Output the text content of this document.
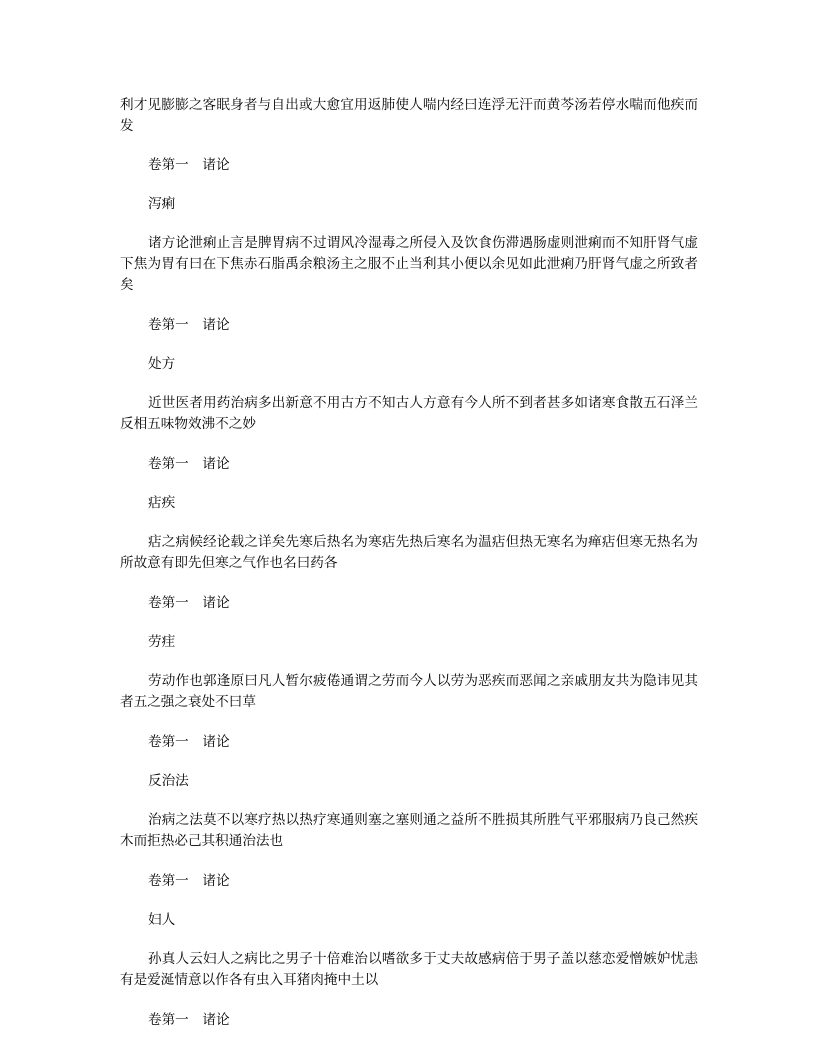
利才见膨膨之客眠身者与自出或大愈宜用返肺使人喘内经曰连浮无汗而黄芩汤若停水喘而他疾而发

卷第一　诸论

泻痢

诸方论泄痢止言是脾胃病不过谓风冷湿毒之所侵入及饮食伤滞遇肠虚则泄痢而不知肝肾气虚下焦为胃有曰在下焦赤石脂禹余粮汤主之服不止当利其小便以余见如此泄痢乃肝肾气虚之所致者矣

卷第一　诸论

处方

近世医者用药治病多出新意不用古方不知古人方意有今人所不到者甚多如诸寒食散五石泽兰反相五味物效沸不之妙

卷第一　诸论

痁疾

痁之病候经论载之详矣先寒后热名为寒痁先热后寒名为温痁但热无寒名为瘅痁但寒无热名为所故意有即先但寒之气作也名曰药各

卷第一　诸论

劳疰

劳动作也郭逢原曰凡人暂尔疲倦通谓之劳而今人以劳为恶疾而恶闻之亲戚朋友共为隐讳见其者五之强之衰处不曰草

卷第一　诸论

反治法

治病之法莫不以寒疗热以热疗寒通则塞之塞则通之益所不胜损其所胜气平邪服病乃良己然疾木而拒热必己其积通治法也

卷第一　诸论

妇人

孙真人云妇人之病比之男子十倍难治以嗜欲多于丈夫故感病倍于男子盖以慈恋爱憎嫉妒忧恚有是爱涎情意以作各有虫入耳猪肉掩中土以

卷第一　诸论
